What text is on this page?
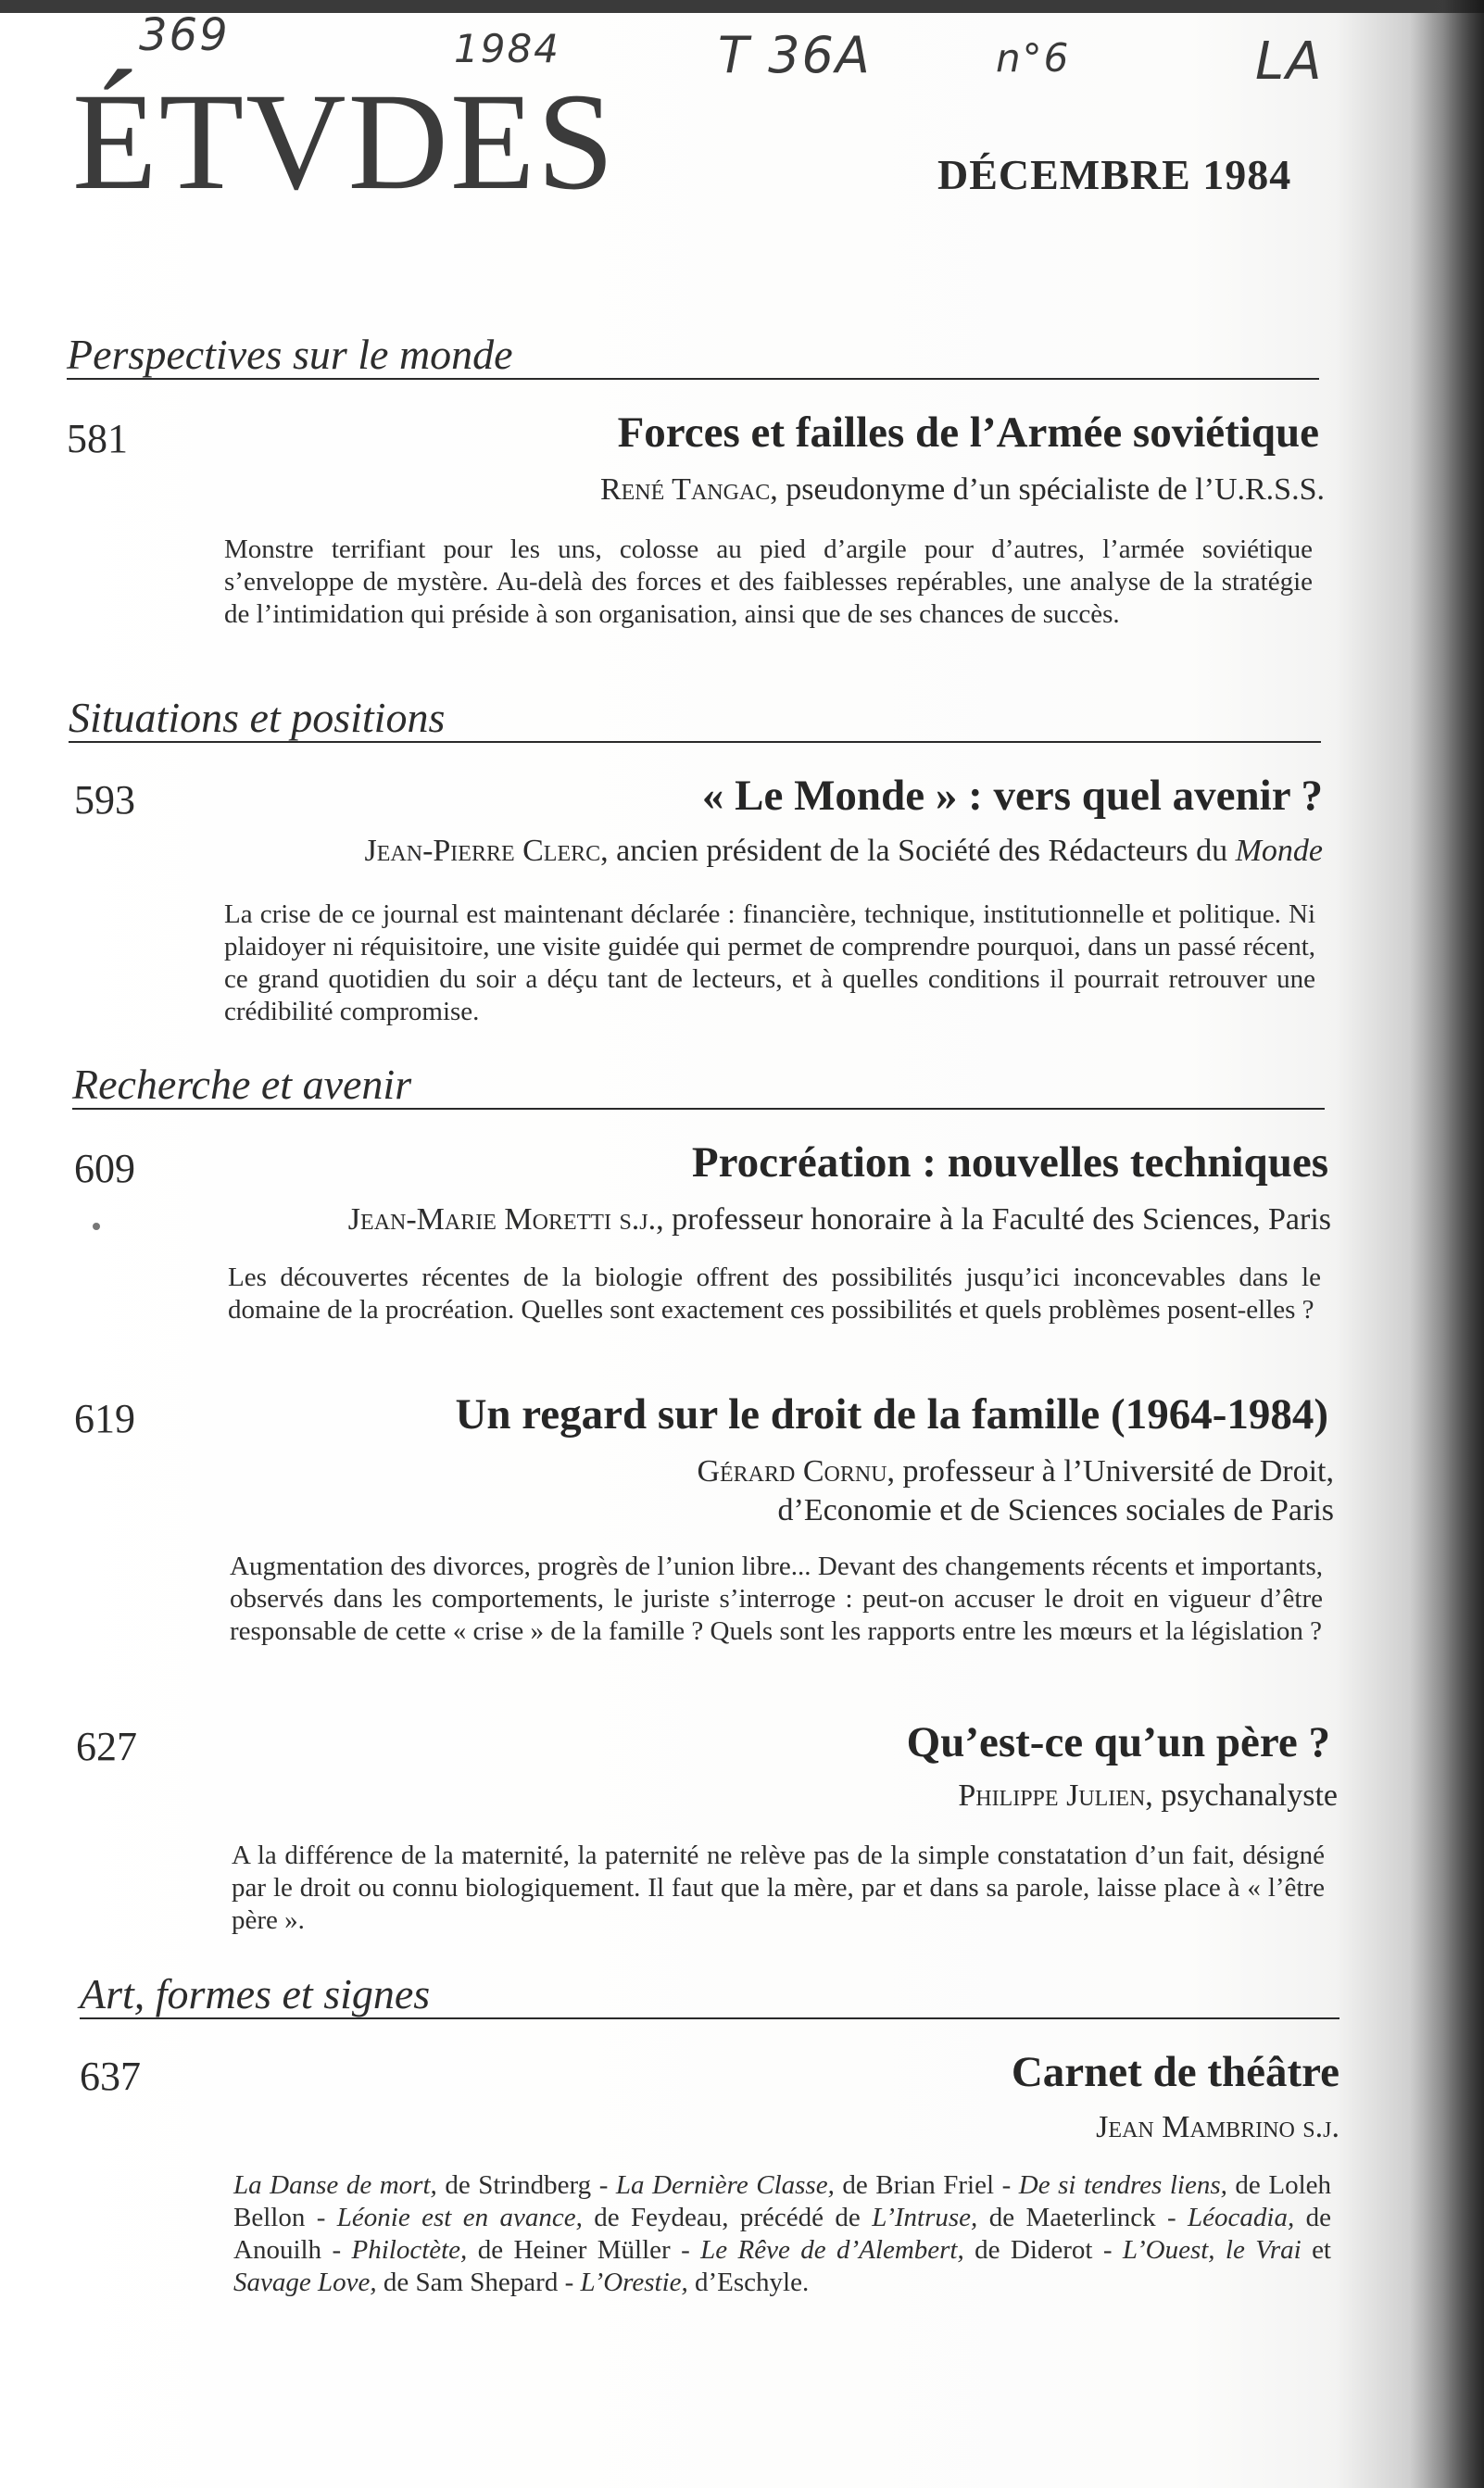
369	1984	T 36A	n°6	LA
ÉTVDES	DÉCEMBRE 1984
Perspectives sur le monde
581	Forces et failles de l’Armée soviétique
René Tangac, pseudonyme d’un spécialiste de l’U.R.S.S.
Monstre terrifiant pour les uns, colosse au pied d’argile pour d’autres, l’armée soviétique s’enveloppe de mystère. Au-delà des forces et des faiblesses repérables, une analyse de la stratégie de l’intimidation qui préside à son organisation, ainsi que de ses chances de succès.
Situations et positions
593	« Le Monde » : vers quel avenir ?
Jean-Pierre Clerc, ancien président de la Société des Rédacteurs du Monde
La crise de ce journal est maintenant déclarée : financière, technique, institutionnelle et politique. Ni plaidoyer ni réquisitoire, une visite guidée qui permet de comprendre pourquoi, dans un passé récent, ce grand quotidien du soir a déçu tant de lecteurs, et à quelles conditions il pourrait retrouver une crédibilité compromise.
Recherche et avenir
609	Procréation : nouvelles techniques
Jean-Marie Moretti s.j., professeur honoraire à la Faculté des Sciences, Paris
Les découvertes récentes de la biologie offrent des possibilités jusqu’ici inconcevables dans le domaine de la procréation. Quelles sont exactement ces possibilités et quels problèmes posent-elles ?
619	Un regard sur le droit de la famille (1964-1984)
Gérard Cornu, professeur à l’Université de Droit,
d’Economie et de Sciences sociales de Paris
Augmentation des divorces, progrès de l’union libre... Devant des changements récents et importants, observés dans les comportements, le juriste s’interroge : peut-on accuser le droit en vigueur d’être responsable de cette « crise » de la famille ? Quels sont les rapports entre les mœurs et la législation ?
627	Qu’est-ce qu’un père ?
Philippe Julien, psychanalyste
A la différence de la maternité, la paternité ne relève pas de la simple constatation d’un fait, désigné par le droit ou connu biologiquement. Il faut que la mère, par et dans sa parole, laisse place à « l’être père ».
Art, formes et signes
637	Carnet de théâtre
Jean Mambrino s.j.
La Danse de mort, de Strindberg - La Dernière Classe, de Brian Friel - De si tendres liens, de Loleh Bellon - Léonie est en avance, de Feydeau, précédé de L’Intruse, de Maeterlinck - Léocadia, de Anouilh - Philoctète, de Heiner Müller - Le Rêve de d’Alembert, de Diderot - L’Ouest, le Vrai et Savage Love, de Sam Shepard - L’Orestie, d’Eschyle.
